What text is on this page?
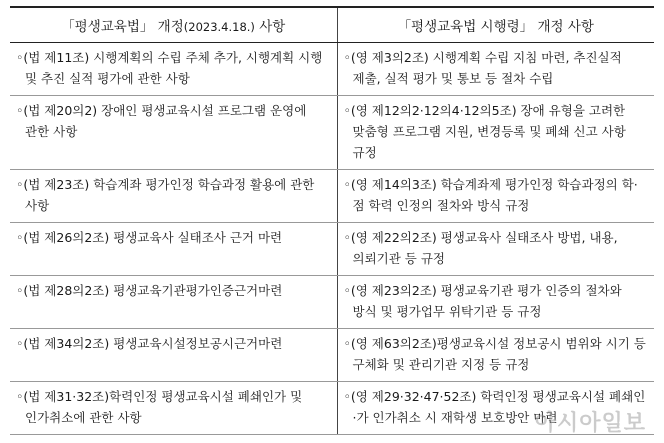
「평생교육법」 개정(2023.4.18.) 사항	「평생교육법 시행령」 개정 사항

◦(법 제11조) 시행계획의 수립 주체 추가, 시행계획 시행 및 추진 실적 평가에 관한 사항	◦(영 제3의2조) 시행계획 수립 지침 마련, 추진실적 제출, 실적 평가 및 통보 등 절차 수립

◦(법 제20의2) 장애인 평생교육시설 프로그램 운영에 관한 사항	◦(영 제12의2·12의4·12의5조) 장애 유형을 고려한 맞춤형 프로그램 지원, 변경등록 및 폐쇄 신고 사항 규정

◦(법 제23조) 학습계좌 평가인정 학습과정 활용에 관한 사항	◦(영 제14의3조) 학습계좌제 평가인정 학습과정의 학·점 학력 인정의 절차와 방식 규정

◦(법 제26의2조) 평생교육사 실태조사 근거 마련	◦(영 제22의2조) 평생교육사 실태조사 방법, 내용, 의뢰기관 등 규정

◦(법 제28의2조) 평생교육기관평가인증근거마련	◦(영 제23의2조) 평생교육기관 평가 인증의 절차와 방식 및 평가업무 위탁기관 등 규정

◦(법 제34의2조) 평생교육시설정보공시근거마련	◦(영 제63의2조)평생교육시설 정보공시 범위와 시기 등 구체화 및 관리기관 지정 등 규정

◦(법 제31·32조)학력인정 평생교육시설 폐쇄인가 및 인가취소에 관한 사항	◦(영 제29·32·47·52조) 학력인정 평생교육시설 폐쇄인·가 인가취소 시 재학생 보호방안 마련
아시아일보
